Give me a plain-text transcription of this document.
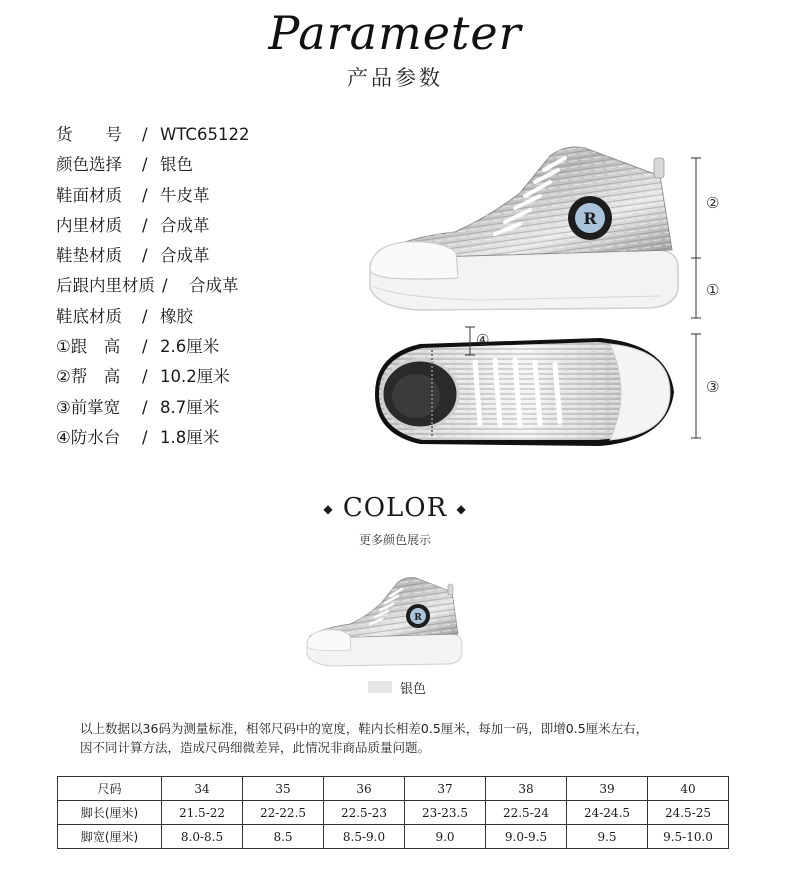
Parameter
产品参数
货　　号 / WTC65122
颜色选择 / 银色
鞋面材质 / 牛皮革
内里材质 / 合成革
鞋垫材质 / 合成革
后跟内里材质 / 合成革
鞋底材质 / 橡胶
①跟　高 / 2.6厘米
②帮　高 / 10.2厘米
③前掌宽 / 8.7厘米
④防水台 / 1.8厘米
R
②
①
④
③
◆ COLOR ◆
更多颜色展示
R
银色
以上数据以36码为测量标准，相邻尺码中的宽度，鞋内长相差0.5厘米，每加一码，即增0.5厘米左右，
因不同计算方法，造成尺码细微差异，此情况非商品质量问题。
尺码	34	35	36	37	38	39	40
脚长(厘米)	21.5-22	22-22.5	22.5-23	23-23.5	22.5-24	24-24.5	24.5-25
脚宽(厘米)	8.0-8.5	8.5	8.5-9.0	9.0	9.0-9.5	9.5	9.5-10.0
